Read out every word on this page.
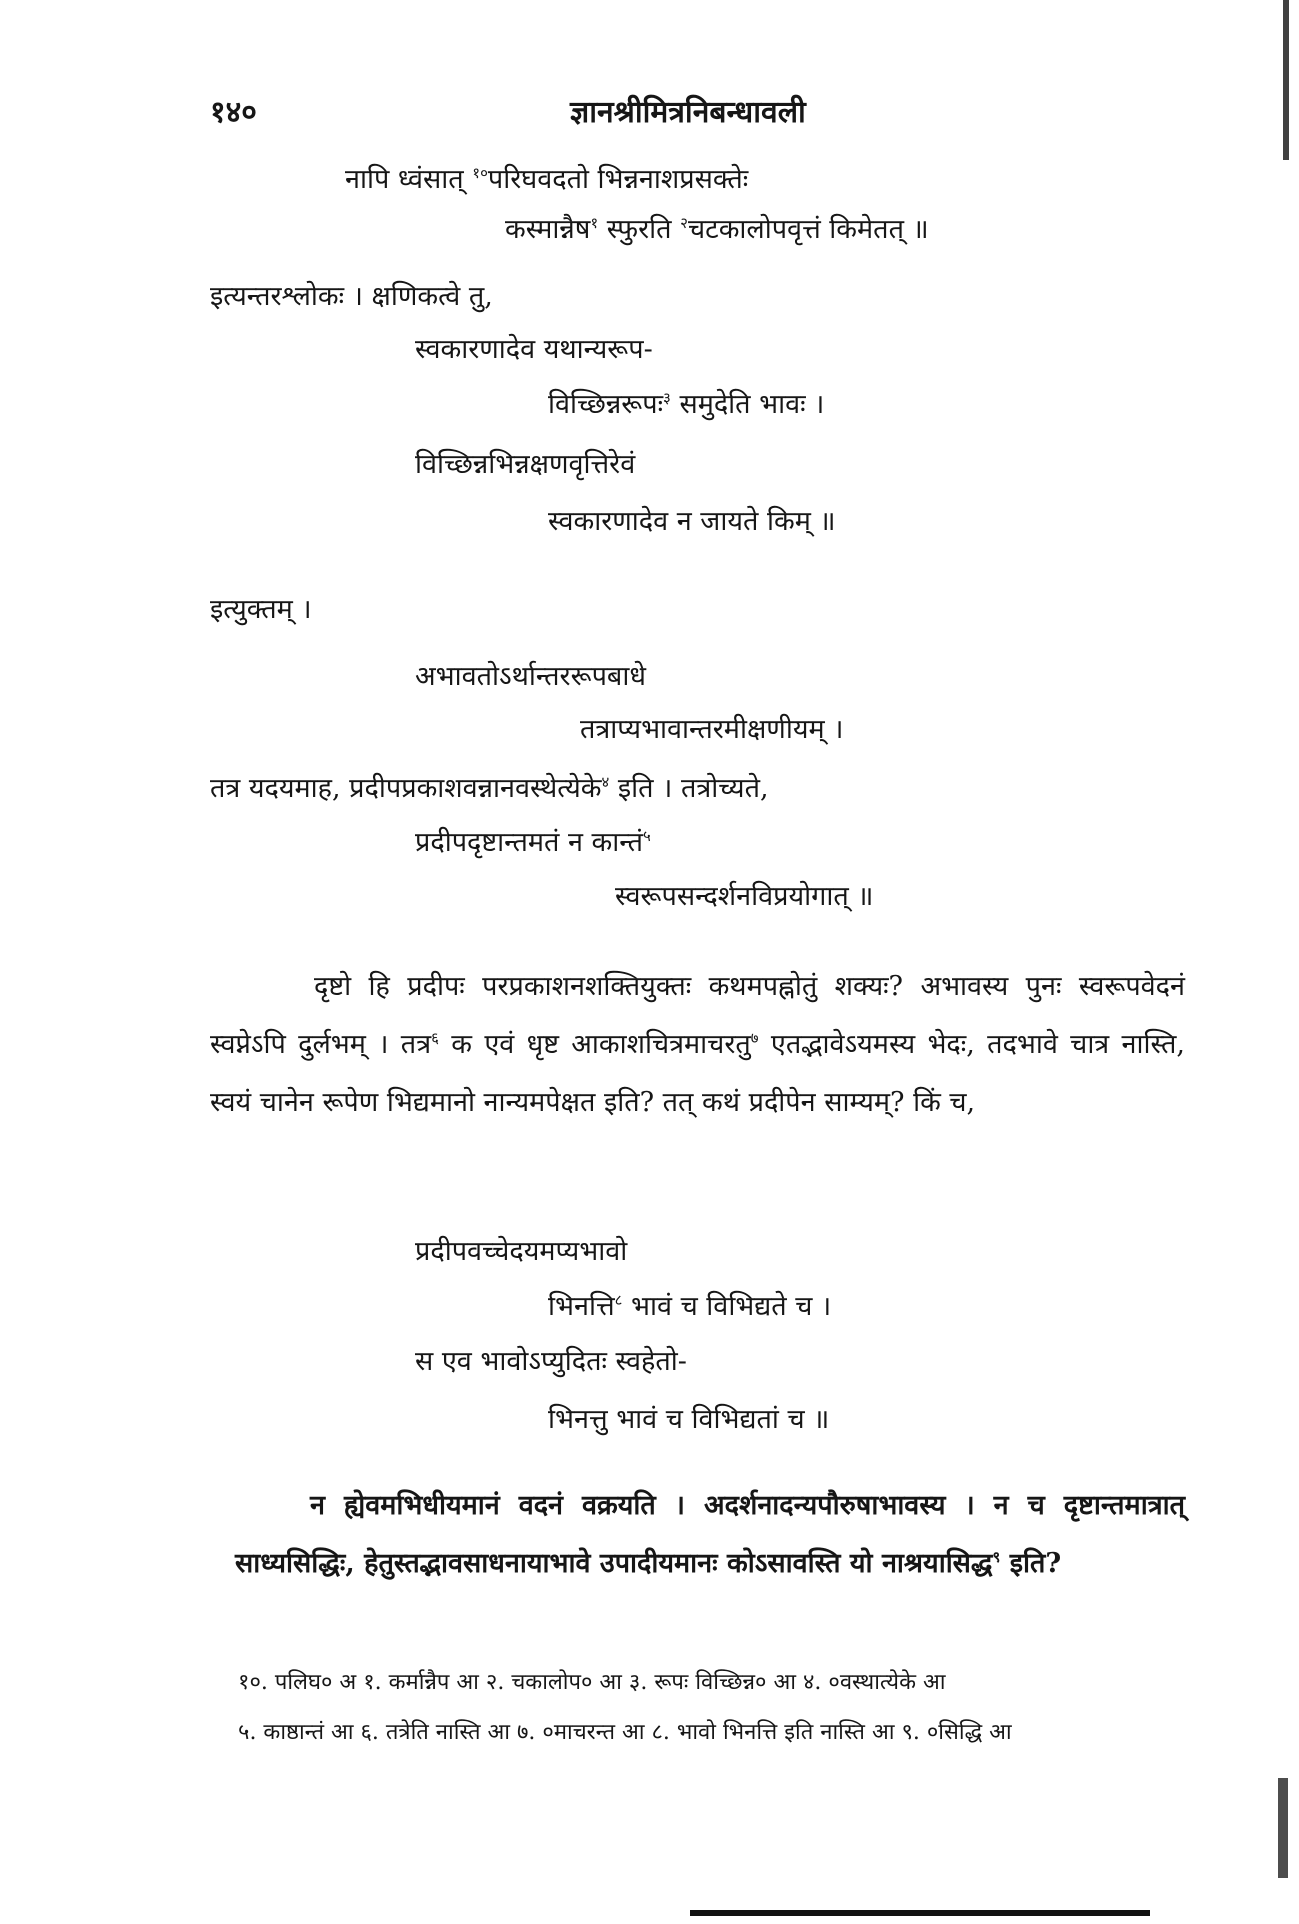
१४०	ज्ञानश्रीमित्रनिबन्धावली
नापि ध्वंसात् $^{१०}$परिघवदतो भिन्ननाशप्रसक्तेः
कस्मान्नैष$^१$ स्फुरति $^२$चटकालोपवृत्तं किमेतत् ॥
इत्यन्तरश्लोकः । क्षणिकत्वे तु,
स्वकारणादेव यथान्यरूप-
विच्छिन्नरूपः$^३$ समुदेति भावः ।
विच्छिन्नभिन्नक्षणवृत्तिरेवं
स्वकारणादेव न जायते किम् ॥
इत्युक्तम् ।
अभावतोऽर्थान्तररूपबाधे
तत्राप्यभावान्तरमीक्षणीयम् ।
तत्र यदयमाह, प्रदीपप्रकाशवन्नानवस्थेत्येके$^४$ इति । तत्रोच्यते,
प्रदीपदृष्टान्तमतं न कान्तं$^५$
स्वरूपसन्दर्शनविप्रयोगात् ॥
दृष्टो हि प्रदीपः परप्रकाशनशक्तियुक्तः कथमपह्नोतुं शक्यः? अभावस्य पुनः स्वरूपवेदनं स्वप्नेऽपि दुर्लभम् । तत्र$^६$ क एवं धृष्ट आकाशचित्रमाचरतु$^७$ एतद्भावेऽयमस्य भेदः, तदभावे चात्र नास्ति, स्वयं चानेन रूपेण भिद्यमानो नान्यमपेक्षत इति? तत् कथं प्रदीपेन साम्यम्? किं च,
प्रदीपवच्चेदयमप्यभावो
भिनत्ति$^८$ भावं च विभिद्यते च ।
स एव भावोऽप्युदितः स्वहेतो-
भिनत्तु भावं च विभिद्यतां च ॥
न ह्येवमभिधीयमानं वदनं वक्रयति । अदर्शनादन्यपौरुषाभावस्य । न च दृष्टान्तमात्रात् साध्यसिद्धिः, हेतुस्तद्भावसाधनायाभावे उपादीयमानः कोऽसावस्ति यो नाश्रयासिद्ध$^९$ इति?
१०. पलिघ० अ १. कर्मान्नैप आ २. चकालोप० आ ३. रूपः विच्छिन्न० आ ४. ०वस्थात्येके आ
५. काष्ठान्तं आ ६. तत्रेति नास्ति आ ७. ०माचरन्त आ ८. भावो भिनत्ति इति नास्ति आ ९. ०सिद्धि आ
